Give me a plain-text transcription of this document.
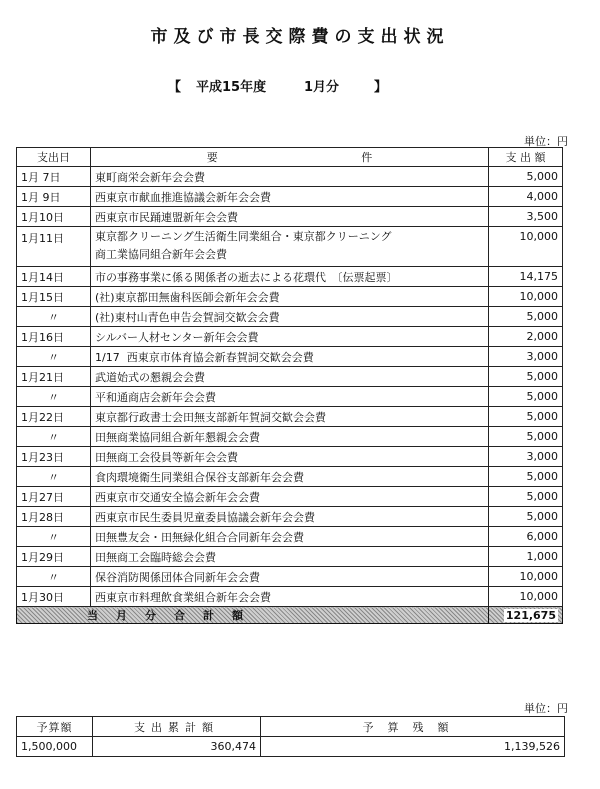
市及び市長交際費の支出状況
【 平成15年度	1月分	】
単位：円
支出日	要 件	支 出 額
1月 7日	東町商栄会新年会会費	5,000
1月 9日	西東京市献血推進協議会新年会会費	4,000
1月10日	西東京市民踊連盟新年会会費	3,500
1月11日	東京都クリーニング生活衛生同業組合・東京都クリーニング
商工業協同組合新年会会費	10,000
1月14日	市の事務事業に係る関係者の逝去による花環代　〔伝票起票〕	14,175
1月15日	(社)東京都田無歯科医師会新年会会費	10,000
〃	(社)東村山青色申告会賀詞交歓会会費	5,000
1月16日	シルバー人材センター新年会会費	2,000
〃	1/17  西東京市体育協会新春賀詞交歓会会費	3,000
1月21日	武道始式の懇親会会費	5,000
〃	平和通商店会新年会会費	5,000
1月22日	東京都行政書士会田無支部新年賀詞交歓会会費	5,000
〃	田無商業協同組合新年懇親会会費	5,000
1月23日	田無商工会役員等新年会会費	3,000
〃	食肉環境衛生同業組合保谷支部新年会会費	5,000
1月27日	西東京市交通安全協会新年会会費	5,000
1月28日	西東京市民生委員児童委員協議会新年会会費	5,000
〃	田無豊友会・田無緑化組合合同新年会会費	6,000
1月29日	田無商工会臨時総会会費	1,000
〃	保谷消防関係団体合同新年会会費	10,000
1月30日	西東京市料理飲食業組合新年会会費	10,000
当月分合計額		121,675
単位：円
予算額	支出累計額	予算残額
1,500,000	360,474	1,139,526
